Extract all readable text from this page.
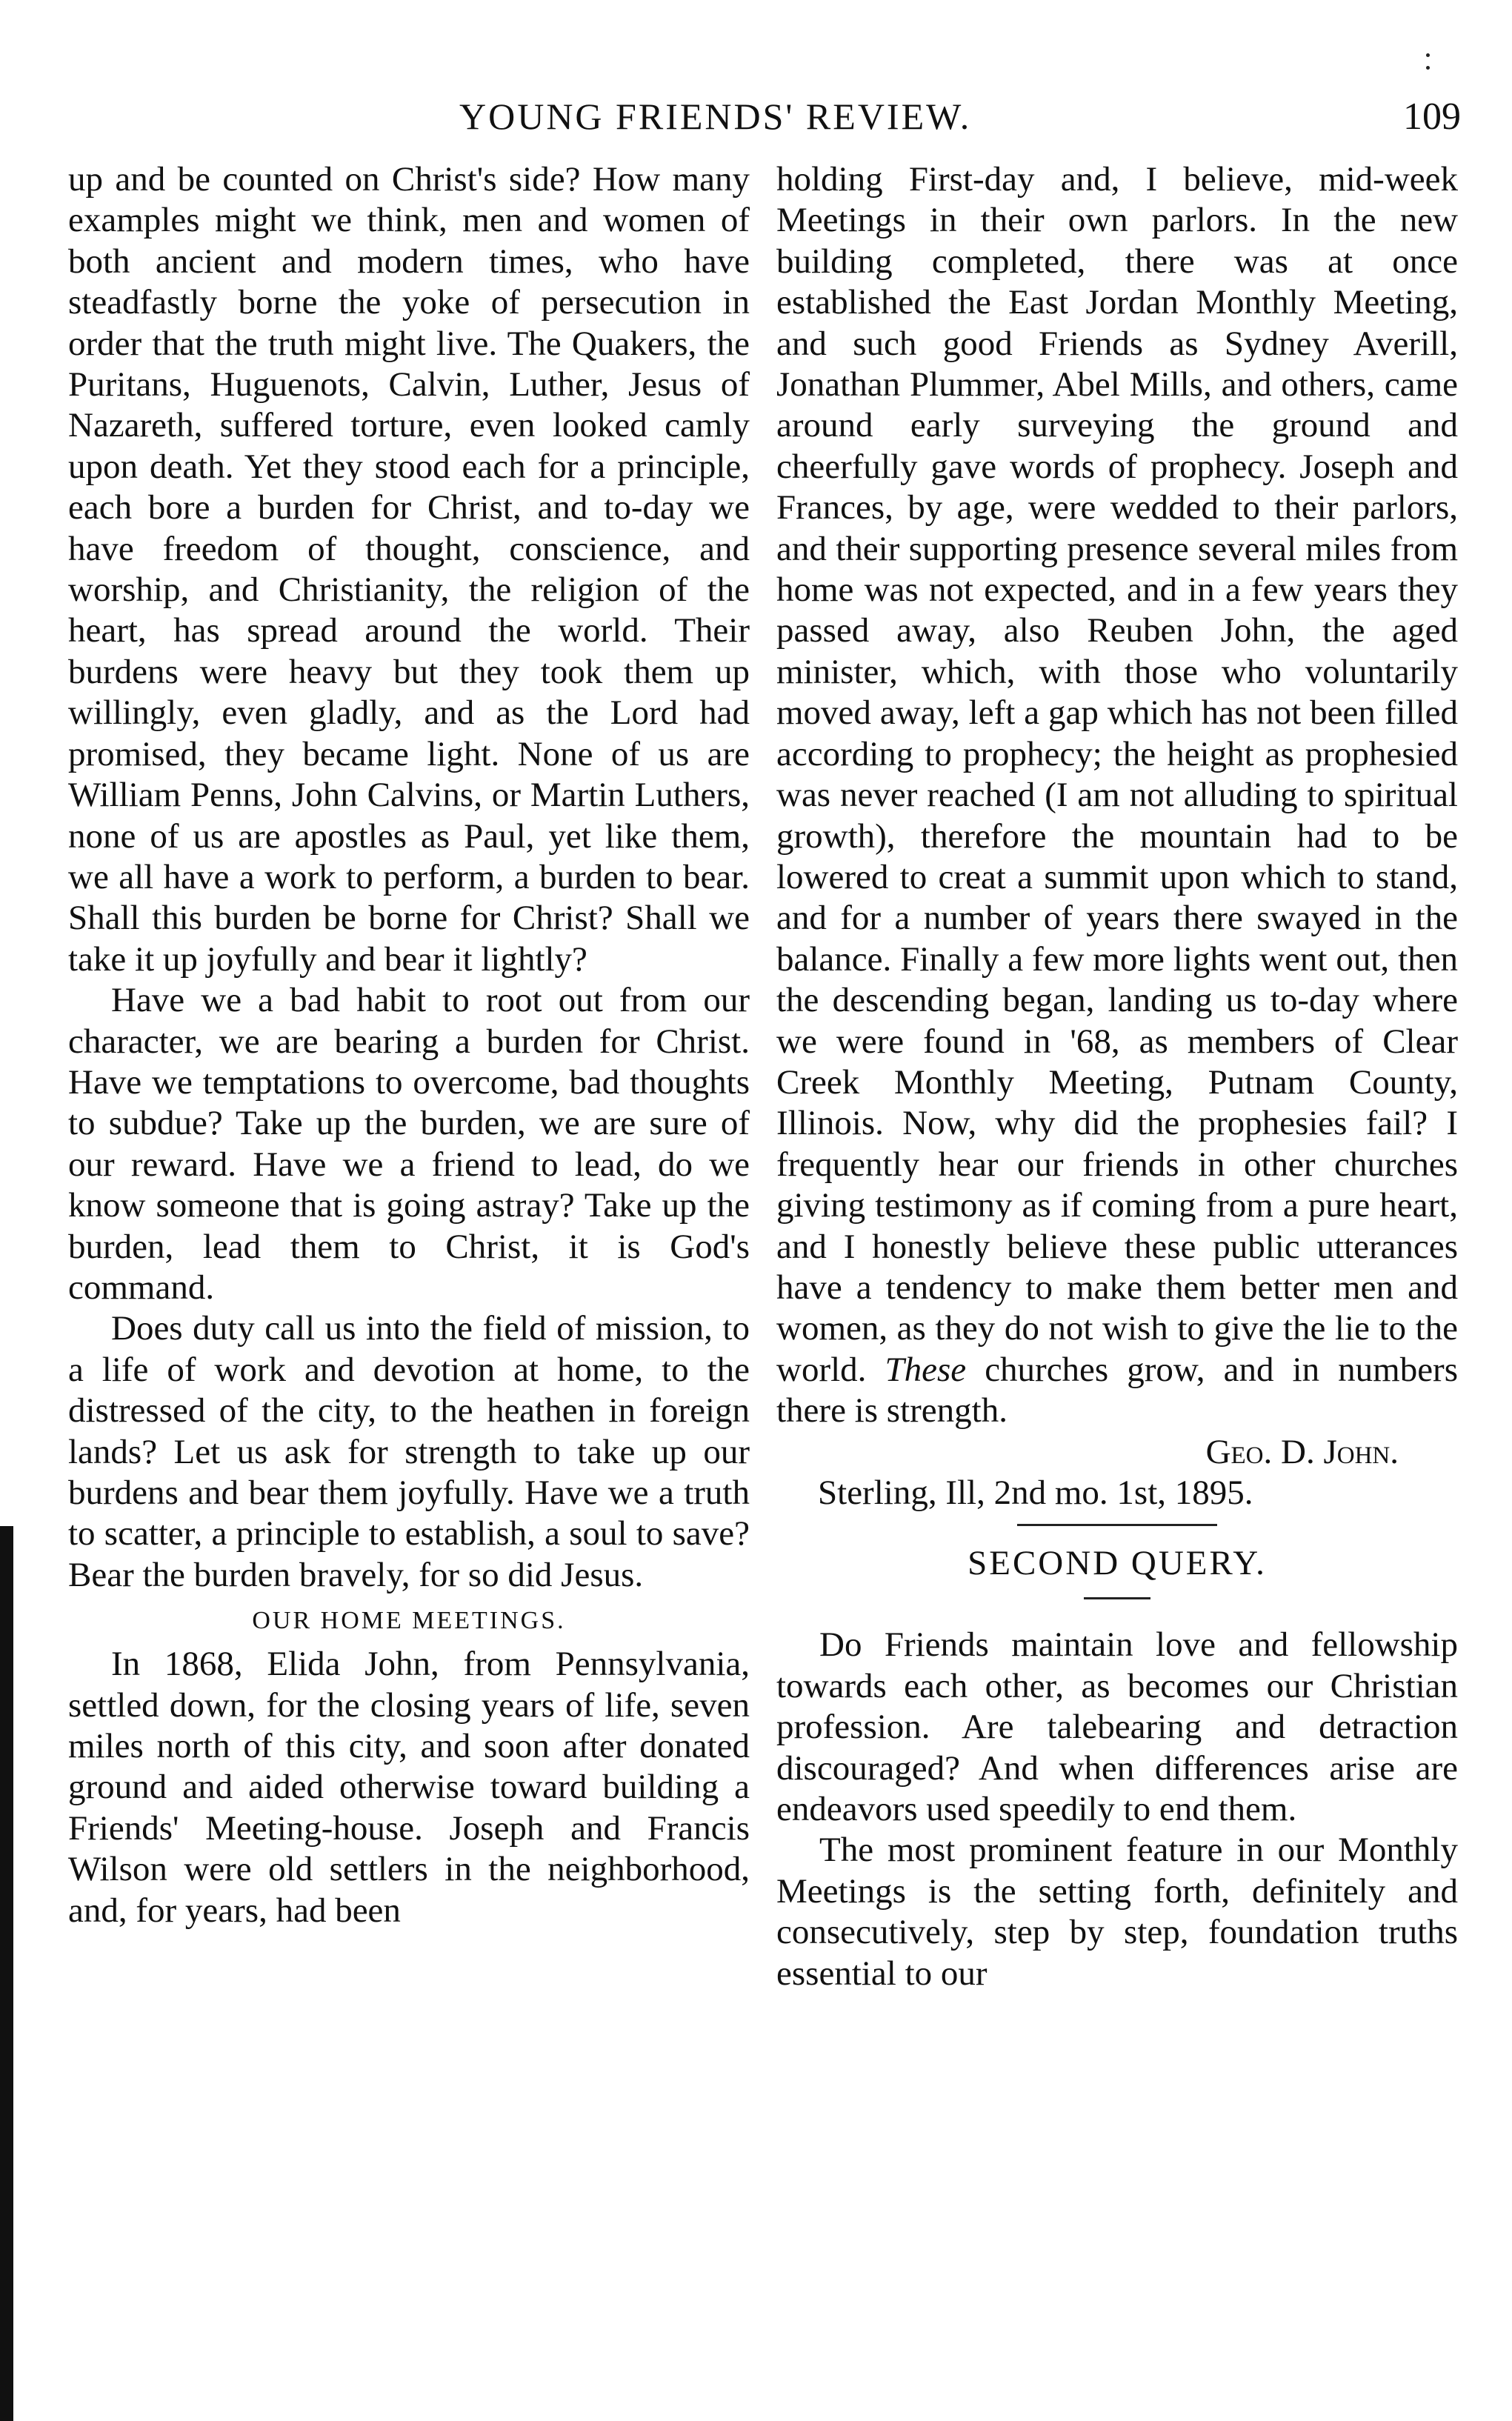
YOUNG FRIENDS' REVIEW.	109

up and be counted on Christ's side? How many examples might we think, men and women of both ancient and modern times, who have steadfastly borne the yoke of persecution in order that the truth might live. The Quakers, the Puritans, Huguenots, Calvin, Luther, Jesus of Nazareth, suffered torture, even looked camly upon death. Yet they stood each for a principle, each bore a burden for Christ, and to-day we have freedom of thought, conscience, and worship, and Christianity, the religion of the heart, has spread around the world. Their burdens were heavy but they took them up willingly, even gladly, and as the Lord had promised, they became light. None of us are William Penns, John Calvins, or Martin Luthers, none of us are apostles as Paul, yet like them, we all have a work to perform, a burden to bear. Shall this burden be borne for Christ? Shall we take it up joyfully and bear it lightly?

Have we a bad habit to root out from our character, we are bearing a burden for Christ. Have we temptations to overcome, bad thoughts to subdue? Take up the burden, we are sure of our reward. Have we a friend to lead, do we know someone that is going astray? Take up the burden, lead them to Christ, it is God's command.

Does duty call us into the field of mission, to a life of work and devotion at home, to the distressed of the city, to the heathen in foreign lands? Let us ask for strength to take up our burdens and bear them joyfully. Have we a truth to scatter, a principle to establish, a soul to save? Bear the burden bravely, for so did Jesus.

OUR HOME MEETINGS.

In 1868, Elida John, from Pennsylvania, settled down, for the closing years of life, seven miles north of this city, and soon after donated ground and aided otherwise toward building a Friends' Meeting-house. Joseph and Francis Wilson were old settlers in the neighborhood, and, for years, had been

holding First-day and, I believe, mid-week Meetings in their own parlors. In the new building completed, there was at once established the East Jordan Monthly Meeting, and such good Friends as Sydney Averill, Jonathan Plummer, Abel Mills, and others, came around early surveying the ground and cheerfully gave words of prophecy. Joseph and Frances, by age, were wedded to their parlors, and their supporting presence several miles from home was not expected, and in a few years they passed away, also Reuben John, the aged minister, which, with those who voluntarily moved away, left a gap which has not been filled according to prophecy; the height as prophesied was never reached (I am not alluding to spiritual growth), therefore the mountain had to be lowered to creat a summit upon which to stand, and for a number of years there swayed in the balance. Finally a few more lights went out, then the descending began, landing us to-day where we were found in '68, as members of Clear Creek Monthly Meeting, Putnam County, Illinois. Now, why did the prophesies fail? I frequently hear our friends in other churches giving testimony as if coming from a pure heart, and I honestly believe these public utterances have a tendency to make them better men and women, as they do not wish to give the lie to the world. These churches grow, and in numbers there is strength.

Geo. D. John.
Sterling, Ill, 2nd mo. 1st, 1895.
SECOND QUERY.

Do Friends maintain love and fellowship towards each other, as becomes our Christian profession. Are talebearing and detraction discouraged? And when differences arise are endeavors used speedily to end them.

The most prominent feature in our Monthly Meetings is the setting forth, definitely and consecutively, step by step, foundation truths essential to our
